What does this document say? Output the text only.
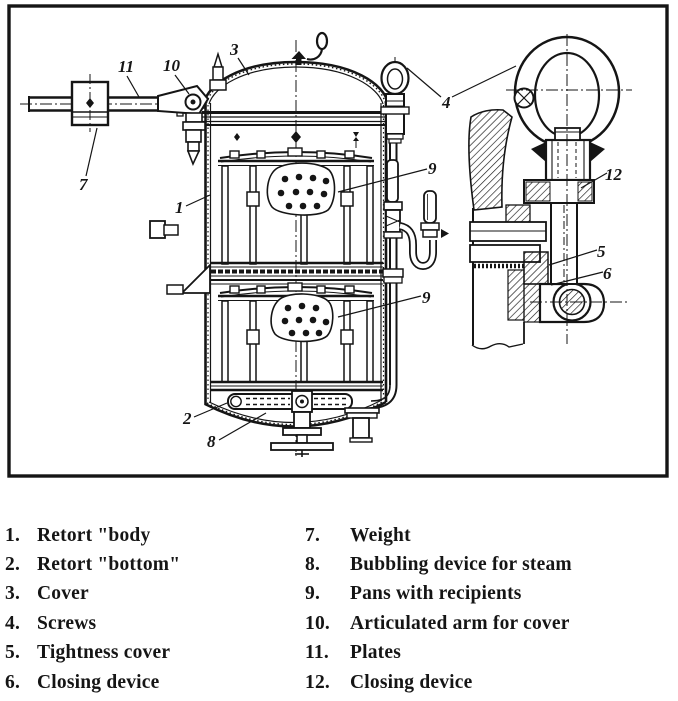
11 10
3
4
7
1
9
9
2
8
12
5
6
1. Retort "body
2. Retort "bottom"
3. Cover
4. Screws
5. Tightness cover
6. Closing device
7.	Weight
8.	Bubbling device for steam
9.	Pans with recipients
10.	Articulated arm for cover
11.	Plates
12.	Closing device
